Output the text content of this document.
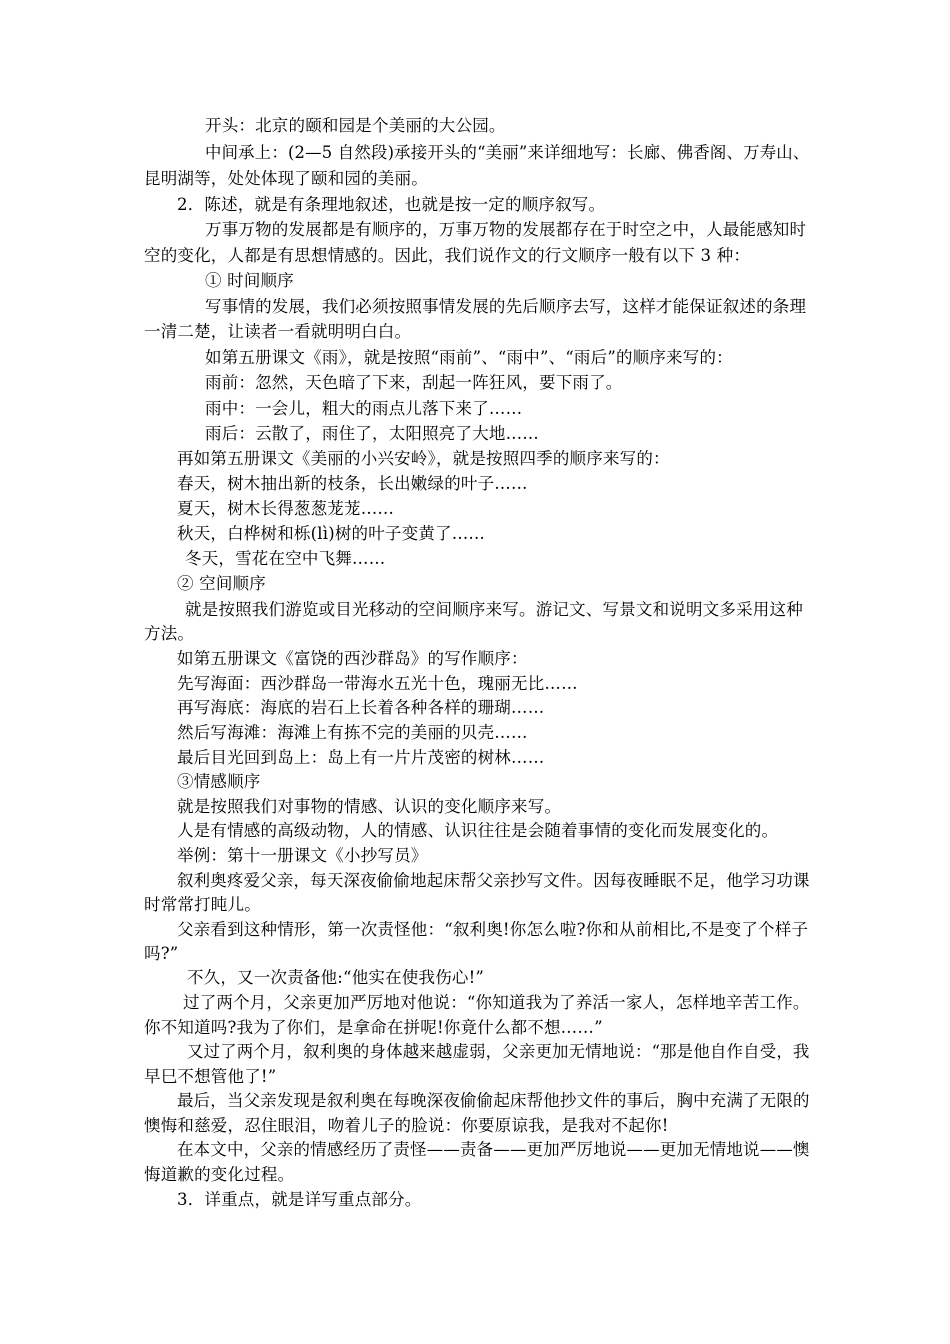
开头：北京的颐和园是个美丽的大公园。
中间承上：(2—5 自然段)承接开头的“美丽”来详细地写：长廊、佛香阁、万寿山、
昆明湖等，处处体现了颐和园的美丽。
2．陈述，就是有条理地叙述，也就是按一定的顺序叙写。
万事万物的发展都是有顺序的，万事万物的发展都存在于时空之中，人最能感知时
空的变化，人都是有思想情感的。因此，我们说作文的行文顺序一般有以下 3 种：
① 时间顺序
写事情的发展，我们必须按照事情发展的先后顺序去写，这样才能保证叙述的条理
一清二楚，让读者一看就明明白白。
如第五册课文《雨》，就是按照“雨前”、“雨中”、“雨后”的顺序来写的：
雨前：忽然，天色暗了下来，刮起一阵狂风，要下雨了。
雨中：一会儿，粗大的雨点儿落下来了……
雨后：云散了，雨住了，太阳照亮了大地……
再如第五册课文《美丽的小兴安岭》，就是按照四季的顺序来写的：
春天，树木抽出新的枝条，长出嫩绿的叶子……
夏天，树木长得葱葱茏茏……
秋天，白桦树和栎(lì)树的叶子变黄了……
冬天，雪花在空中飞舞……
② 空间顺序
就是按照我们游览或目光移动的空间顺序来写。游记文、写景文和说明文多采用这种
方法。
如第五册课文《富饶的西沙群岛》的写作顺序：
先写海面：西沙群岛一带海水五光十色，瑰丽无比……
再写海底：海底的岩石上长着各种各样的珊瑚……
然后写海滩：海滩上有拣不完的美丽的贝壳……
最后目光回到岛上：岛上有一片片茂密的树林……
③情感顺序
就是按照我们对事物的情感、认识的变化顺序来写。
人是有情感的高级动物，人的情感、认识往往是会随着事情的变化而发展变化的。
举例：第十一册课文《小抄写员》
叙利奥疼爱父亲，每天深夜偷偷地起床帮父亲抄写文件。因每夜睡眠不足，他学习功课
时常常打盹儿。
父亲看到这种情形，第一次责怪他：“叙利奥!你怎么啦?你和从前相比,不是变了个样子
吗?”
不久，又一次责备他:“他实在使我伤心!”
过了两个月，父亲更加严厉地对他说：“你知道我为了养活一家人，怎样地辛苦工作。
你不知道吗?我为了你们，是拿命在拼呢!你竟什么都不想……”
又过了两个月，叙利奥的身体越来越虚弱，父亲更加无情地说：“那是他自作自受，我
早巳不想管他了!”
最后，当父亲发现是叙利奥在每晚深夜偷偷起床帮他抄文件的事后，胸中充满了无限的
懊悔和慈爱，忍住眼泪，吻着儿子的脸说：你要原谅我，是我对不起你!
在本文中，父亲的情感经历了责怪——责备——更加严厉地说——更加无情地说——懊
悔道歉的变化过程。
3．详重点，就是详写重点部分。
